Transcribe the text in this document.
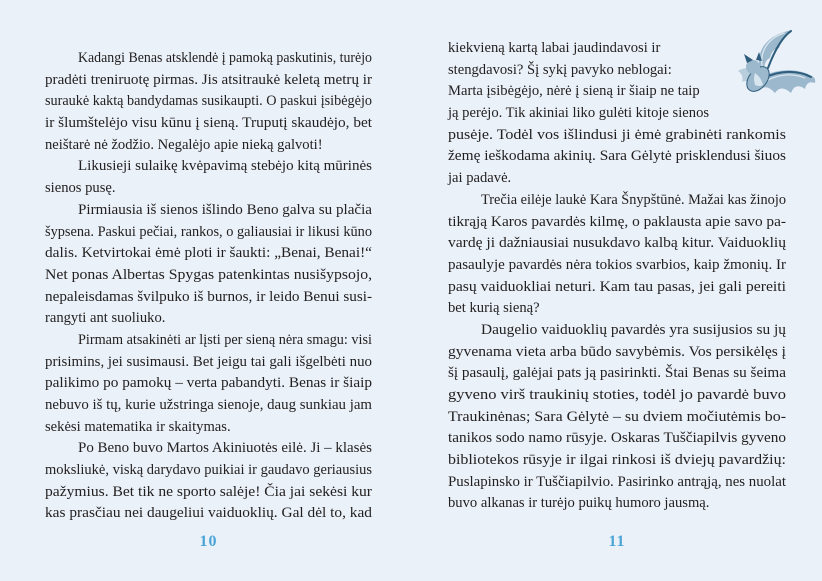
Kadangi Benas atsklendė į pamoką paskutinis, turėjo
pradėti treniruotę pirmas. Jis atsitraukė keletą metrų ir
suraukė kaktą bandydamas susikaupti. O paskui įsibėgėjo
ir šlumštelėjo visu kūnu į sieną. Truputį skaudėjo, bet
neištarė nė žodžio. Negalėjo apie nieką galvoti!
Likusieji sulaikę kvėpavimą stebėjo kitą mūrinės
sienos pusę.
Pirmiausia iš sienos išlindo Beno galva su plačia
šypsena. Paskui pečiai, rankos, o galiausiai ir likusi kūno
dalis. Ketvirtokai ėmė ploti ir šaukti: „Benai, Benai!“
Net ponas Albertas Spygas patenkintas nusišypsojo,
nepaleisdamas švilpuko iš burnos, ir leido Benui susi-
rangyti ant suoliuko.
Pirmam atsakinėti ar lįsti per sieną nėra smagu: visi
prisimins, jei susimausi. Bet jeigu tai gali išgelbėti nuo
palikimo po pamokų – verta pabandyti. Benas ir šiaip
nebuvo iš tų, kurie užstringa sienoje, daug sunkiau jam
sekėsi matematika ir skaitymas.
Po Beno buvo Martos Akiniuotės eilė. Ji – klasės
moksliukė, viską darydavo puikiai ir gaudavo geriausius
pažymius. Bet tik ne sporto salėje! Čia jai sekėsi kur
kas prasčiau nei daugeliui vaiduoklių. Gal dėl to, kad
kiekvieną kartą labai jaudindavosi ir
stengdavosi? Šį sykį pavyko neblogai:
Marta įsibėgėjo, nėrė į sieną ir šiaip ne taip
ją perėjo. Tik akiniai liko gulėti kitoje sienos
pusėje. Todėl vos išlindusi ji ėmė grabinėti rankomis
žemę ieškodama akinių. Sara Gėlytė prisklendusi šiuos
jai padavė.
Trečia eilėje laukė Kara Šnypštūnė. Mažai kas žinojo
tikrąją Karos pavardės kilmę, o paklausta apie savo pa-
vardę ji dažniausiai nusukdavo kalbą kitur. Vaiduoklių
pasaulyje pavardės nėra tokios svarbios, kaip žmonių. Ir
pasų vaiduokliai neturi. Kam tau pasas, jei gali pereiti
bet kurią sieną?
Daugelio vaiduoklių pavardės yra susijusios su jų
gyvenama vieta arba būdo savybėmis. Vos persikėlęs į
šį pasaulį, galėjai pats ją pasirinkti. Štai Benas su šeima
gyveno virš traukinių stoties, todėl jo pavardė buvo
Traukinėnas; Sara Gėlytė – su dviem močiutėmis bo-
tanikos sodo namo rūsyje. Oskaras Tuščiapilvis gyveno
bibliotekos rūsyje ir ilgai rinkosi iš dviejų pavardžių:
Puslapinsko ir Tuščiapilvio. Pasirinko antrąją, nes nuolat
buvo alkanas ir turėjo puikų humoro jausmą.
10	11
